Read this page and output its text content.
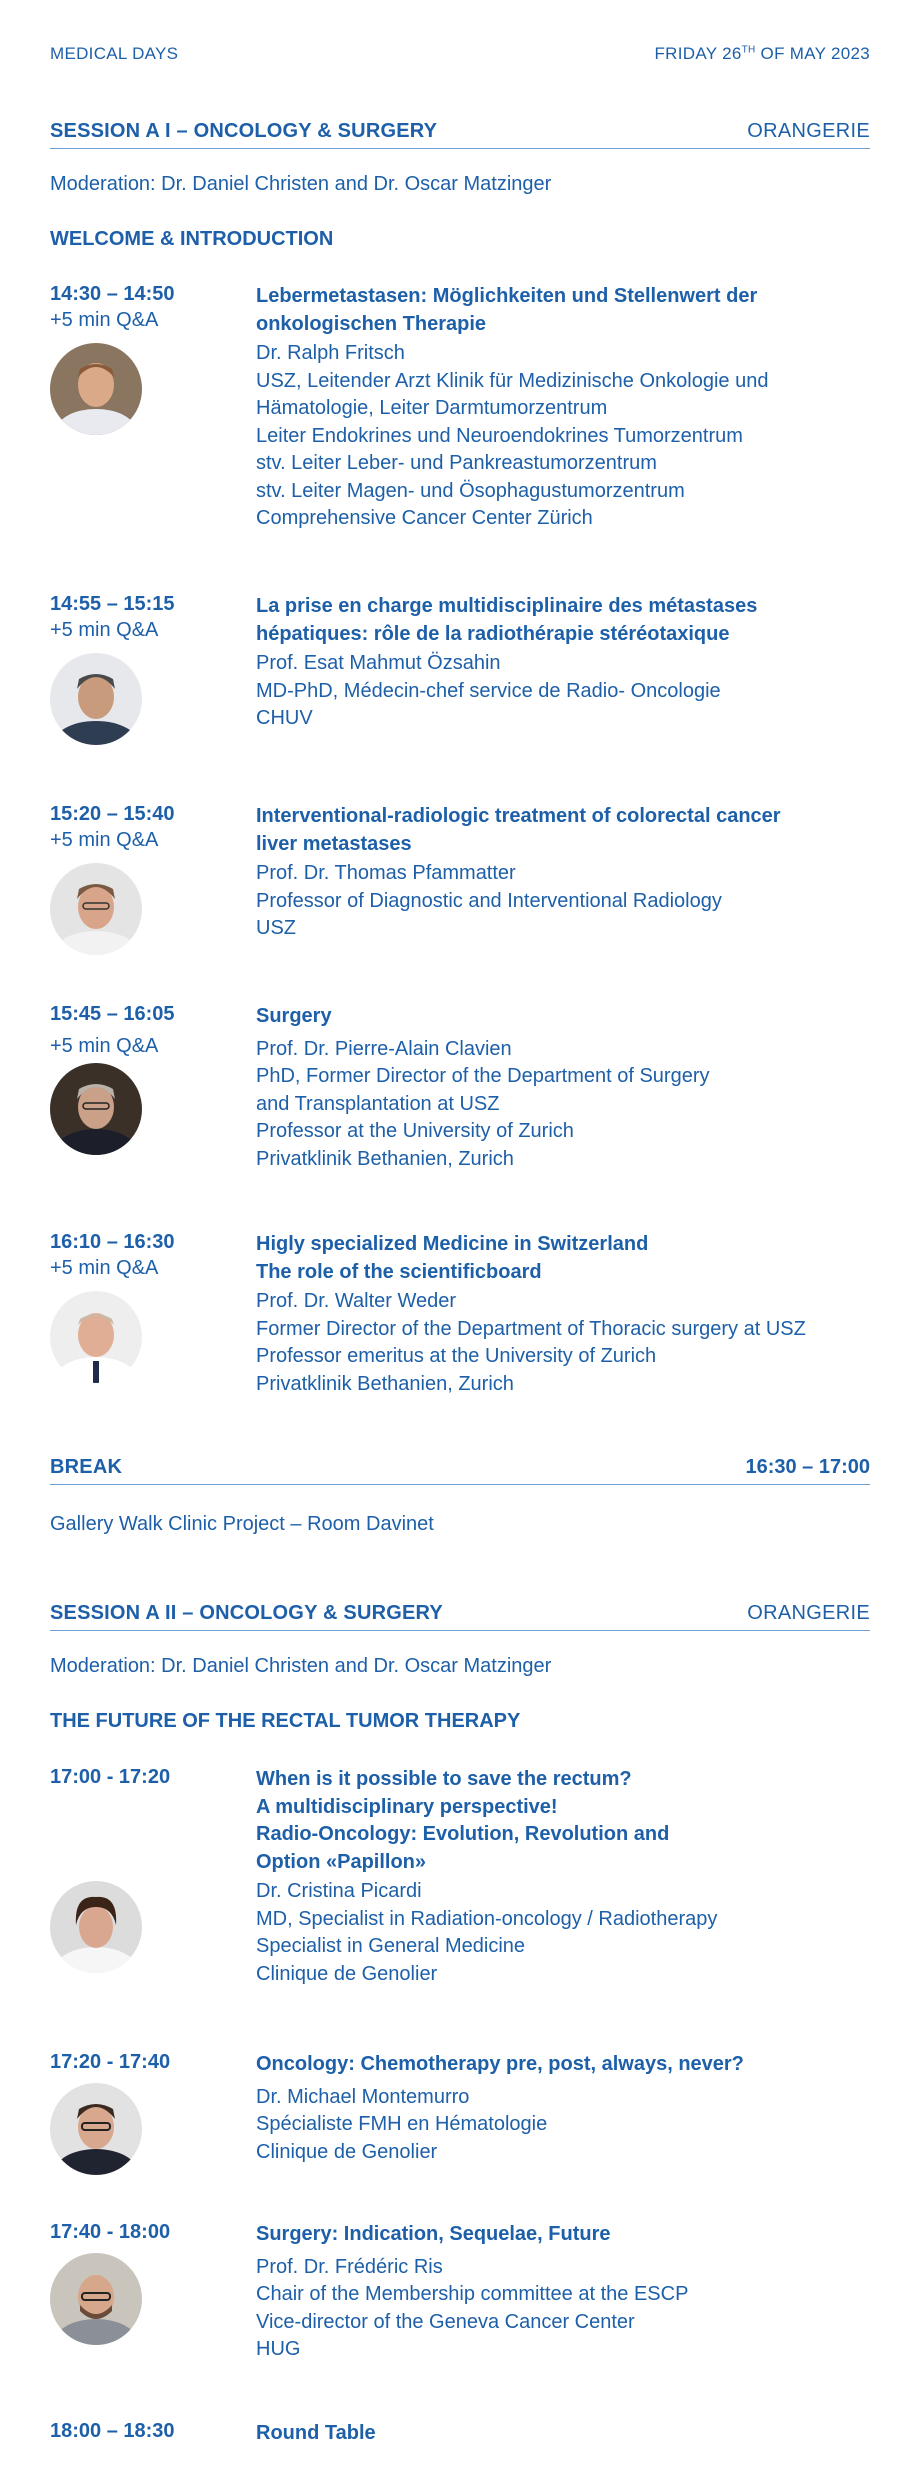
MEDICAL DAYS	FRIDAY 26TH OF MAY 2023
SESSION A I – ONCOLOGY & SURGERY	ORANGERIE
Moderation: Dr. Daniel Christen and Dr. Oscar Matzinger
WELCOME & INTRODUCTION
14:30 – 14:50
+5 min Q&A
Lebermetastasen: Möglichkeiten und Stellenwert der
onkologischen Therapie
Dr. Ralph Fritsch
USZ, Leitender Arzt Klinik für Medizinische Onkologie und
Hämatologie, Leiter Darmtumorzentrum
Leiter Endokrines und Neuroendokrines Tumorzentrum
stv. Leiter Leber- und Pankreastumorzentrum
stv. Leiter Magen- und Ösophagustumorzentrum
Comprehensive Cancer Center Zürich
14:55 – 15:15
+5 min Q&A
La prise en charge multidisciplinaire des métastases
hépatiques: rôle de la radiothérapie stéréotaxique
Prof. Esat Mahmut Özsahin
MD-PhD, Médecin-chef service de Radio- Oncologie
CHUV
15:20 – 15:40
+5 min Q&A
Interventional-radiologic treatment of colorectal cancer
liver metastases
Prof. Dr. Thomas Pfammatter
Professor of Diagnostic and Interventional Radiology
USZ
15:45 – 16:05
+5 min Q&A
Surgery
Prof. Dr. Pierre-Alain Clavien
PhD, Former Director of the Department of Surgery
and Transplantation at USZ
Professor at the University of Zurich
Privatklinik Bethanien, Zurich
16:10 – 16:30
+5 min Q&A
Higly specialized Medicine in Switzerland
The role of the scientificboard
Prof. Dr. Walter Weder
Former Director of the Department of Thoracic surgery at USZ
Professor emeritus at the University of Zurich
Privatklinik Bethanien, Zurich
BREAK	16:30 – 17:00
Gallery Walk Clinic Project – Room Davinet
SESSION A II – ONCOLOGY & SURGERY	ORANGERIE
Moderation: Dr. Daniel Christen and Dr. Oscar Matzinger
THE FUTURE OF THE RECTAL TUMOR THERAPY
17:00 - 17:20	When is it possible to save the rectum?
A multidisciplinary perspective!
Radio-Oncology: Evolution, Revolution and
Option «Papillon»
Dr. Cristina Picardi
MD, Specialist in Radiation-oncology / Radiotherapy
Specialist in General Medicine
Clinique de Genolier
17:20 - 17:40	Oncology: Chemotherapy pre, post, always, never?
Dr. Michael Montemurro
Spécialiste FMH en Hématologie
Clinique de Genolier
17:40 - 18:00	Surgery: Indication, Sequelae, Future
Prof. Dr. Frédéric Ris
Chair of the Membership committee at the ESCP
Vice-director of the Geneva Cancer Center
HUG
18:00 – 18:30	Round Table
